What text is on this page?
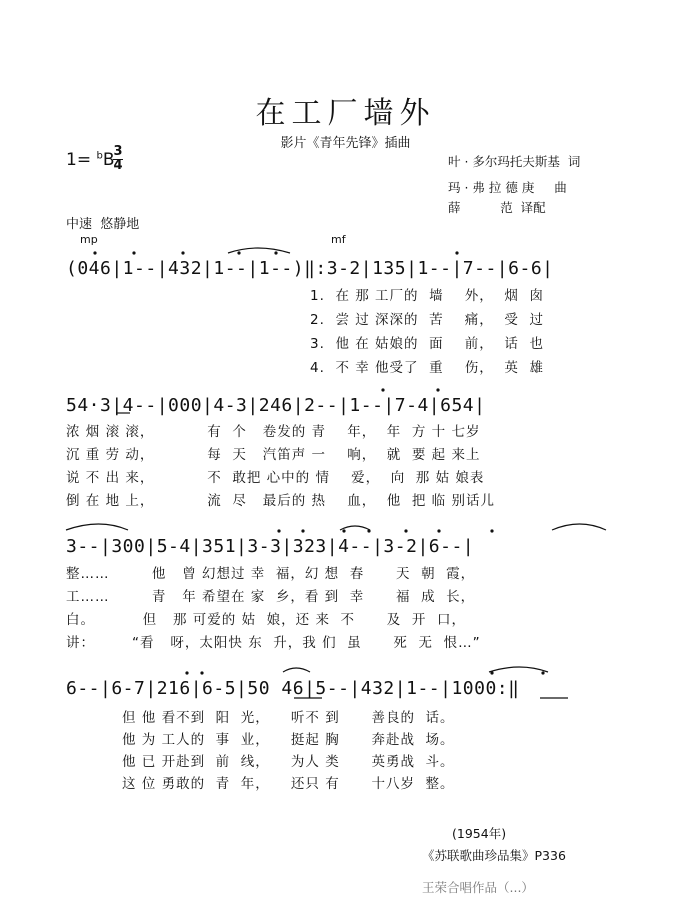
在工厂墙外
影片《青年先锋》插曲
1= $^b$B
3
4	叶 · 多尔玛托夫斯基  词
玛 · 弗 拉 德 庚     曲
薛          范  译配
中速  悠静地
mp	mf
(046|1--|432|1--|1--)‖:3-2|135|1--|7--|6-6|
1.  在 那 工厂的  墙    外，  烟  囱
2.  尝 过 深深的  苦    痛，  受  过
3.  他 在 姑娘的  面    前，  话  也
4.  不 幸 他受了  重    伤，  英  雄
54·3|4--|000|4-3|246|2--|1--|7-4|654|
浓 烟 滚 滚，          有  个   卷发的 青    年，  年  方 十 七岁
沉 重 劳 动，          每  天   汽笛声 一    响，  就  要 起 来上
说 不 出 来，          不  敢把 心中的 情    爱，  向  那 姑 娘表
倒 在 地 上，          流  尽   最后的 热    血，  他  把 临 别话儿
3--|300|5-4|351|3-3|323|4--|3-2|6--|
整……        他   曾 幻想过 幸  福，幻 想  春      天  朝  霞，
工……        青   年 希望在 家  乡，看 到  幸      福  成  长，
白。         但   那 可爱的 姑  娘，还 来  不      及  开  口，
讲：       “看   呀，太阳快 东  升，我 们  虽      死  无  恨…”
6--|6-7|216|6-5|50 46|5--|432|1--|1000:‖
但 他 看不到  阳  光，    听不 到      善良的  话。
他 为 工人的  事  业，    挺起 胸      奔赴战  场。
他 已 开赴到  前  线，    为人 类      英勇战  斗。
这 位 勇敢的  青  年，    还只 有      十八岁  整。
(1954年)
《苏联歌曲珍品集》P336
王荣合唱作品（...）
